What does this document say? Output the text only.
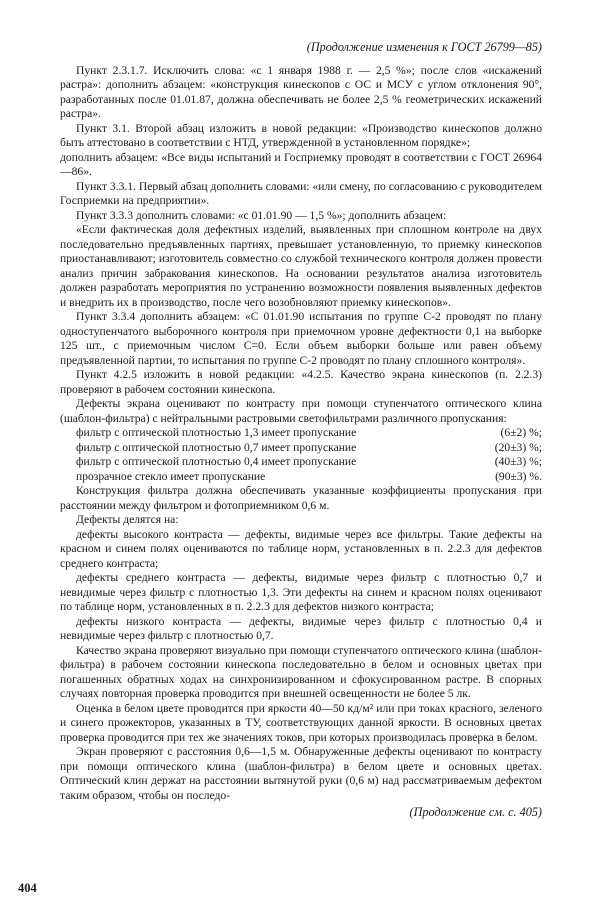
(Продолжение изменения к ГОСТ 26799—85)
Пункт 2.3.1.7. Исключить слова: «с 1 января 1988 г. — 2,5 %»; после слов «искажений растра»: дополнить абзацем: «конструкция кинескопов с ОС и МСУ с углом отклонения 90°, разработанных после 01.01.87, должна обеспечивать не более 2,5 % геометрических искажений растра».
Пункт 3.1. Второй абзац изложить в новой редакции: «Производство кинескопов должно быть аттестовано в соответствии с НТД, утвержденной в установленном порядке»;
дополнить абзацем: «Все виды испытаний и Госприемку проводят в соответствии с ГОСТ 26964—86».
Пункт 3.3.1. Первый абзац дополнить словами: «или смену, по согласованию с руководителем Госприемки на предприятии».
Пункт 3.3.3 дополнить словами: «с 01.01.90 — 1,5 %»; дополнить абзацем:
«Если фактическая доля дефектных изделий, выявленных при сплошном контроле на двух последовательно предъявленных партиях, превышает установленную, то приемку кинескопов приостанавливают; изготовитель совместно со службой технического контроля должен провести анализ причин забракования кинескопов. На основании результатов анализа изготовитель должен разработать мероприятия по устранению возможности появления выявленных дефектов и внедрить их в производство, после чего возобновляют приемку кинескопов».
Пункт 3.3.4 дополнить абзацем: «С 01.01.90 испытания по группе С-2 проводят по плану одноступенчатого выборочного контроля при приемочном уровне дефектности 0,1 на выборке 125 шт., с приемочным числом C=0. Если объем выборки больше или равен объему предъявленной партии, то испытания по группе С-2 проводят по плану сплошного контроля».
Пункт 4.2.5 изложить в новой редакции: «4.2.5. Качество экрана кинескопов (п. 2.2.3) проверяют в рабочем состоянии кинескопа.
Дефекты экрана оценивают по контрасту при помощи ступенчатого оптического клина (шаблон-фильтра) с нейтральными растровыми светофильтрами различного пропускания:
фильтр с оптической плотностью 1,3 имеет пропускание	(6±2) %;
фильтр с оптической плотностью 0,7 имеет пропускание	(20±3) %;
фильтр с оптической плотностью 0,4 имеет пропускание	(40±3) %;
прозрачное стекло имеет пропускание	(90±3) %.
Конструкция фильтра должна обеспечивать указанные коэффициенты пропускания при расстоянии между фильтром и фотоприемником 0,6 м.
Дефекты делятся на:
дефекты высокого контраста — дефекты, видимые через все фильтры. Такие дефекты на красном и синем полях оцениваются по таблице норм, установленных в п. 2.2.3 для дефектов среднего контраста;
дефекты среднего контраста — дефекты, видимые через фильтр с плотностью 0,7 и невидимые через фильтр с плотностью 1,3. Эти дефекты на синем и красном полях оценивают по таблице норм, установленных в п. 2.2.3 для дефектов низкого контраста;
дефекты низкого контраста — дефекты, видимые через фильтр с плотностью 0,4 и невидимые через фильтр с плотностью 0,7.
Качество экрана проверяют визуально при помощи ступенчатого оптического клина (шаблон-фильтра) в рабочем состоянии кинескопа последовательно в белом и основных цветах при погашенных обратных ходах на синхронизированном и сфокусированном растре. В спорных случаях повторная проверка проводится при внешней освещенности не более 5 лк.
Оценка в белом цвете проводится при яркости 40—50 кд/м² или при токах красного, зеленого и синего прожекторов, указанных в ТУ, соответствующих данной яркости. В основных цветах проверка проводится при тех же значениях токов, при которых производилась проверка в белом.
Экран проверяют с расстояния 0,6—1,5 м. Обнаруженные дефекты оценивают по контрасту при помощи оптического клина (шаблон-фильтра) в белом цвете и основных цветах. Оптический клин держат на расстоянии вытянутой руки (0,6 м) над рассматриваемым дефектом таким образом, чтобы он последо-
(Продолжение см. с. 405)
404
